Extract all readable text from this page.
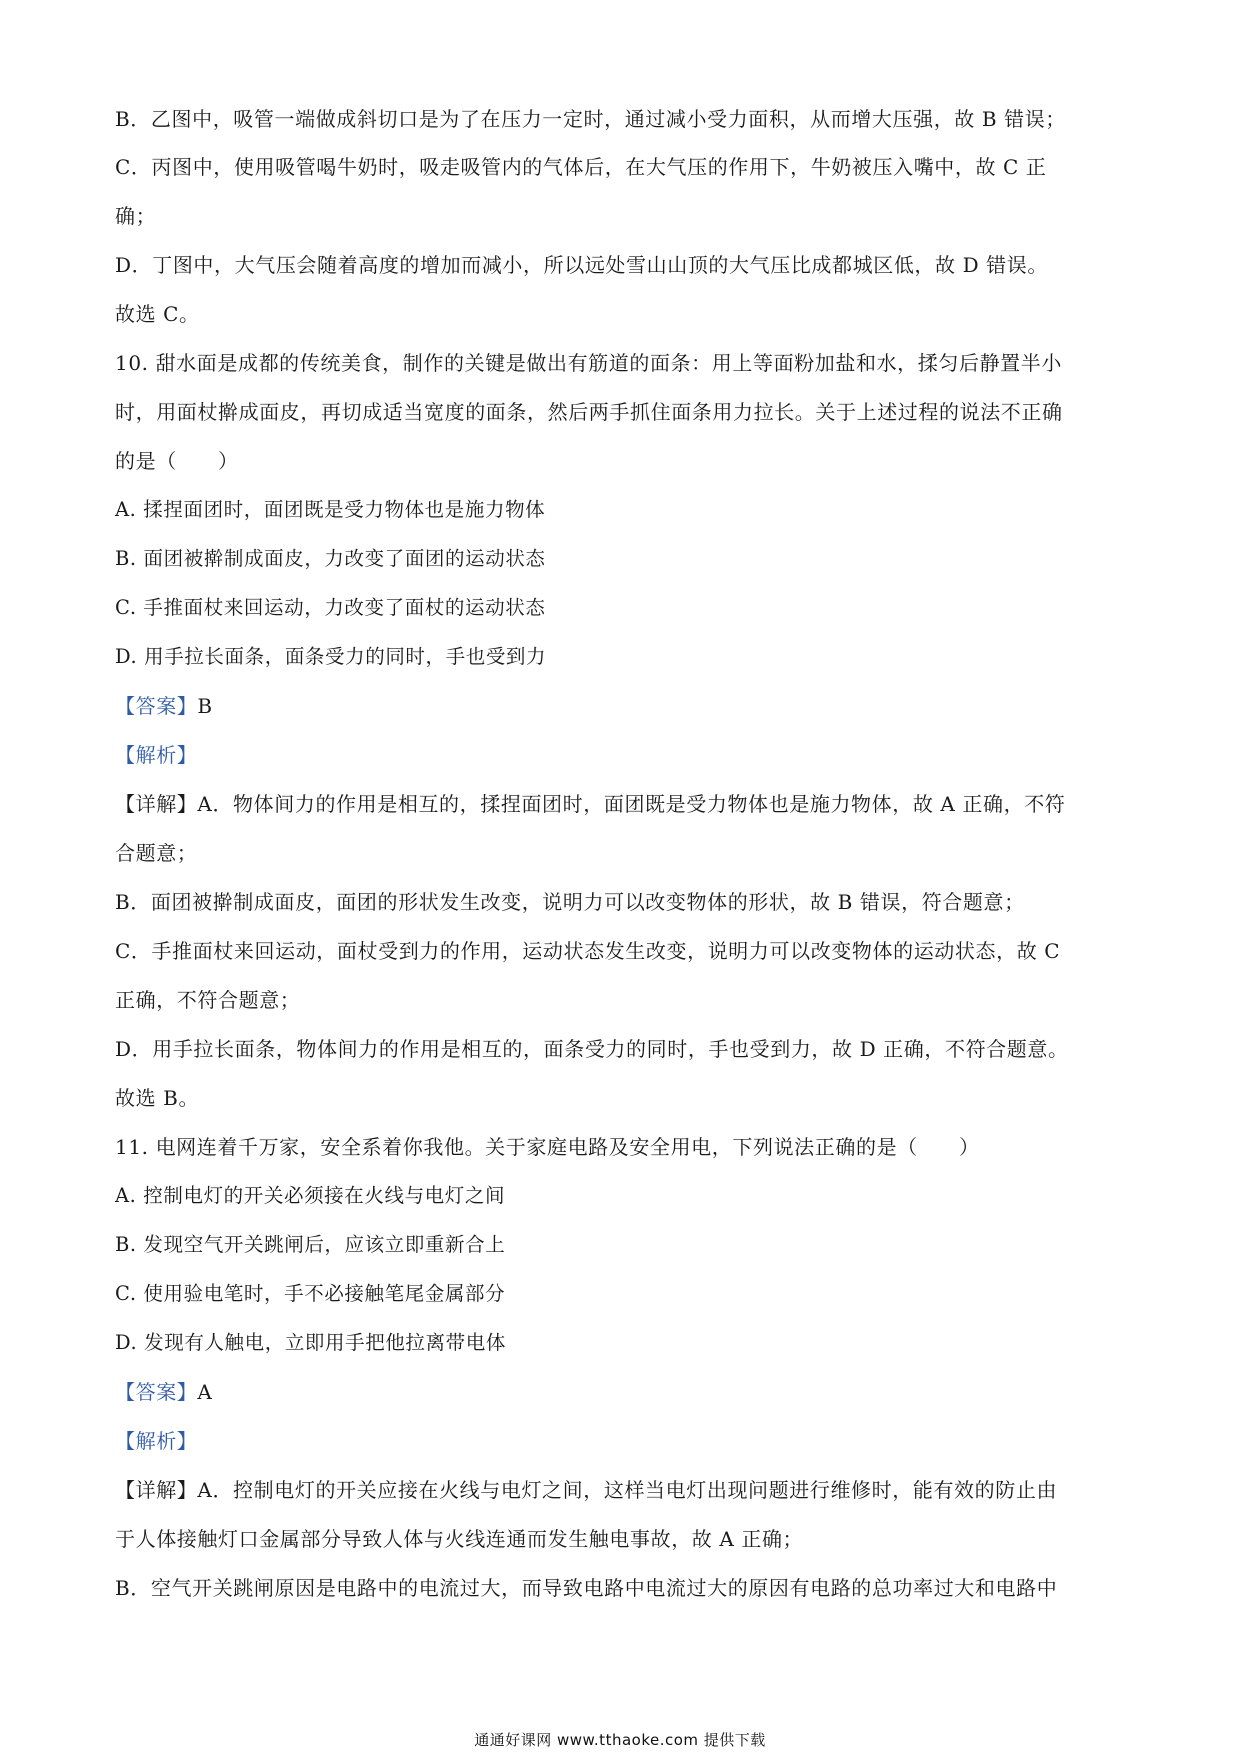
B．乙图中，吸管一端做成斜切口是为了在压力一定时，通过减小受力面积，从而增大压强，故 B 错误；
C．丙图中，使用吸管喝牛奶时，吸走吸管内的气体后，在大气压的作用下，牛奶被压入嘴中，故 C 正
确；
D．丁图中，大气压会随着高度的增加而减小，所以远处雪山山顶的大气压比成都城区低，故 D 错误。
故选 C。
10. 甜水面是成都的传统美食，制作的关键是做出有筋道的面条：用上等面粉加盐和水，揉匀后静置半小
时，用面杖擀成面皮，再切成适当宽度的面条，然后两手抓住面条用力拉长。关于上述过程的说法不正确
的是（　　）
A. 揉捏面团时，面团既是受力物体也是施力物体
B. 面团被擀制成面皮，力改变了面团的运动状态
C. 手推面杖来回运动，力改变了面杖的运动状态
D. 用手拉长面条，面条受力的同时，手也受到力
【答案】B
【解析】
【详解】A．物体间力的作用是相互的，揉捏面团时，面团既是受力物体也是施力物体，故 A 正确，不符
合题意；
B．面团被擀制成面皮，面团的形状发生改变，说明力可以改变物体的形状，故 B 错误，符合题意；
C．手推面杖来回运动，面杖受到力的作用，运动状态发生改变，说明力可以改变物体的运动状态，故 C
正确，不符合题意；
D．用手拉长面条，物体间力的作用是相互的，面条受力的同时，手也受到力，故 D 正确，不符合题意。
故选 B。
11. 电网连着千万家，安全系着你我他。关于家庭电路及安全用电，下列说法正确的是（　　）
A. 控制电灯的开关必须接在火线与电灯之间
B. 发现空气开关跳闸后，应该立即重新合上
C. 使用验电笔时，手不必接触笔尾金属部分
D. 发现有人触电，立即用手把他拉离带电体
【答案】A
【解析】
【详解】A．控制电灯的开关应接在火线与电灯之间，这样当电灯出现问题进行维修时，能有效的防止由
于人体接触灯口金属部分导致人体与火线连通而发生触电事故，故 A 正确；
B．空气开关跳闸原因是电路中的电流过大，而导致电路中电流过大的原因有电路的总功率过大和电路中
通通好课网 www.tthaoke.com 提供下载
